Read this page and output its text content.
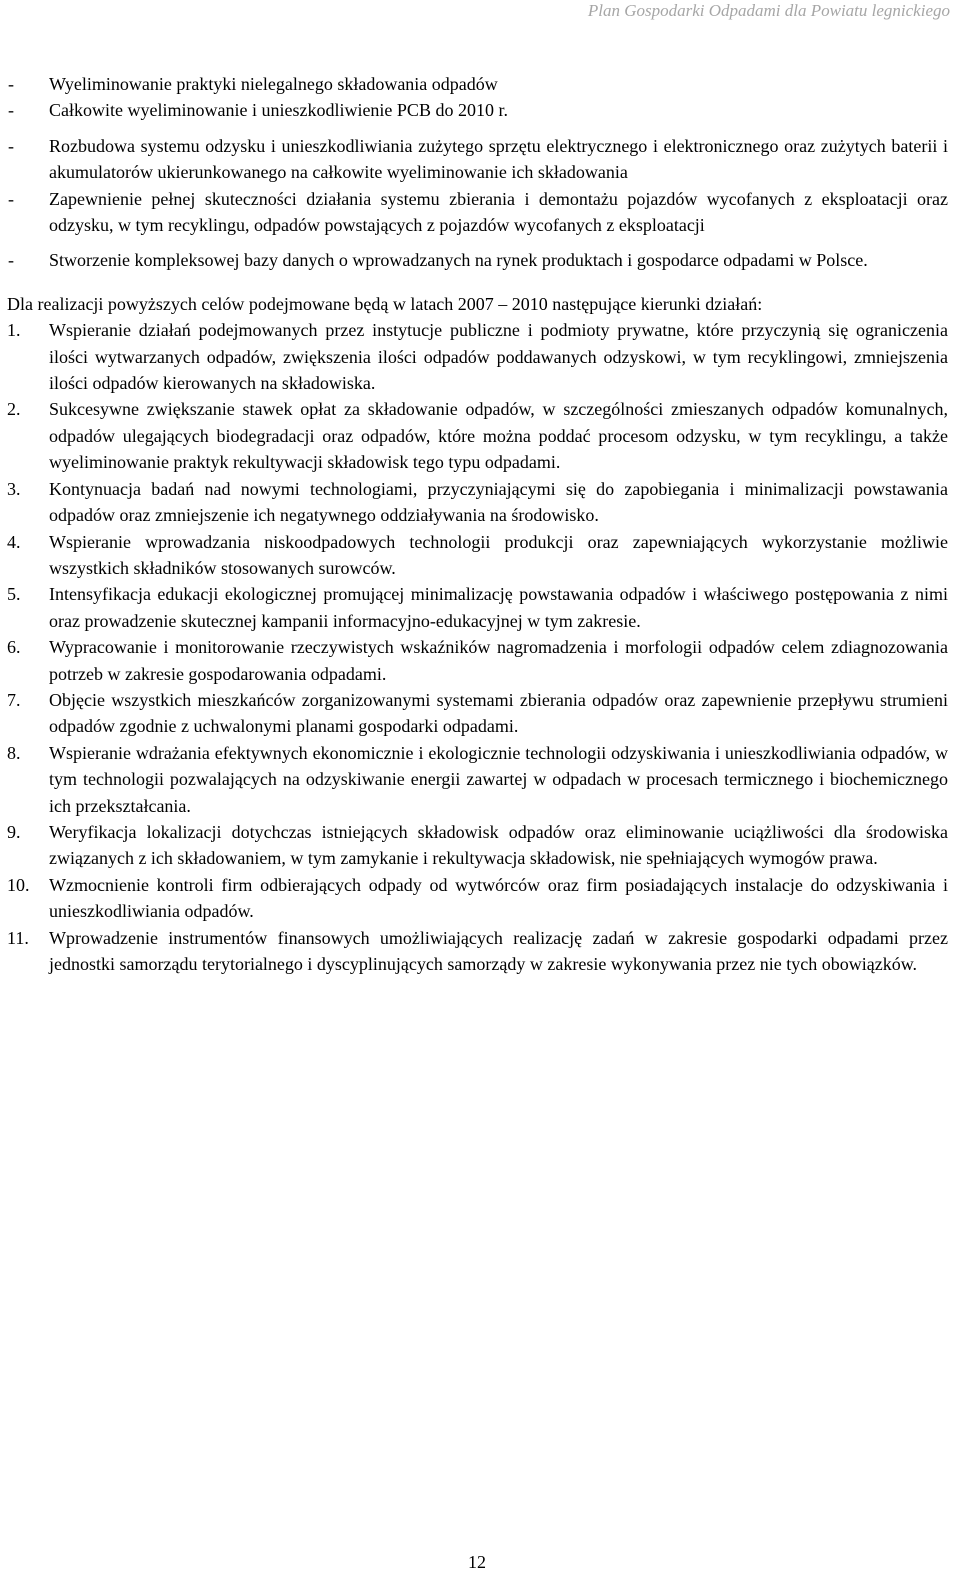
Plan Gospodarki Odpadami dla Powiatu legnickiego
- Wyeliminowanie praktyki nielegalnego składowania odpadów
- Całkowite wyeliminowanie i unieszkodliwienie PCB do 2010 r.
- Rozbudowa systemu odzysku i unieszkodliwiania zużytego sprzętu elektrycznego i elektronicznego oraz zużytych baterii i akumulatorów ukierunkowanego na całkowite wyeliminowanie ich składowania
- Zapewnienie pełnej skuteczności działania systemu zbierania i demontażu pojazdów wycofanych z eksploatacji oraz odzysku, w tym recyklingu, odpadów powstających z pojazdów wycofanych z eksploatacji
- Stworzenie kompleksowej bazy danych o wprowadzanych na rynek produktach i gospodarce odpadami w Polsce.

Dla realizacji powyższych celów podejmowane będą w latach 2007 – 2010 następujące kierunki działań:

1. Wspieranie działań podejmowanych przez instytucje publiczne i podmioty prywatne, które przyczynią się ograniczenia ilości wytwarzanych odpadów, zwiększenia ilości odpadów poddawanych odzyskowi, w tym recyklingowi, zmniejszenia ilości odpadów kierowanych na składowiska.
2. Sukcesywne zwiększanie stawek opłat za składowanie odpadów, w szczególności zmieszanych odpadów komunalnych, odpadów ulegających biodegradacji oraz odpadów, które można poddać procesom odzysku, w tym recyklingu, a także wyeliminowanie praktyk rekultywacji składowisk tego typu odpadami.
3. Kontynuacja badań nad nowymi technologiami, przyczyniającymi się do zapobiegania i minimalizacji powstawania odpadów oraz zmniejszenie ich negatywnego oddziaływania na środowisko.
4. Wspieranie wprowadzania niskoodpadowych technologii produkcji oraz zapewniających wykorzystanie możliwie wszystkich składników stosowanych surowców.
5. Intensyfikacja edukacji ekologicznej promującej minimalizację powstawania odpadów i właściwego postępowania z nimi oraz prowadzenie skutecznej kampanii informacyjno-edukacyjnej w tym zakresie.
6. Wypracowanie i monitorowanie rzeczywistych wskaźników nagromadzenia i morfologii odpadów celem zdiagnozowania potrzeb w zakresie gospodarowania odpadami.
7. Objęcie wszystkich mieszkańców zorganizowanymi systemami zbierania odpadów oraz zapewnienie przepływu strumieni odpadów zgodnie z uchwalonymi planami gospodarki odpadami.
8. Wspieranie wdrażania efektywnych ekonomicznie i ekologicznie technologii odzyskiwania i unieszkodliwiania odpadów, w tym technologii pozwalających na odzyskiwanie energii zawartej w odpadach w procesach termicznego i biochemicznego ich przekształcania.
9. Weryfikacja lokalizacji dotychczas istniejących składowisk odpadów oraz eliminowanie uciążliwości dla środowiska związanych z ich składowaniem, w tym zamykanie i rekultywacja składowisk, nie spełniających wymogów prawa.
10. Wzmocnienie kontroli firm odbierających odpady od wytwórców oraz firm posiadających instalacje do odzyskiwania i unieszkodliwiania odpadów.
11. Wprowadzenie instrumentów finansowych umożliwiających realizację zadań w zakresie gospodarki odpadami przez jednostki samorządu terytorialnego i dyscyplinujących samorządy w zakresie wykonywania przez nie tych obowiązków.
12
